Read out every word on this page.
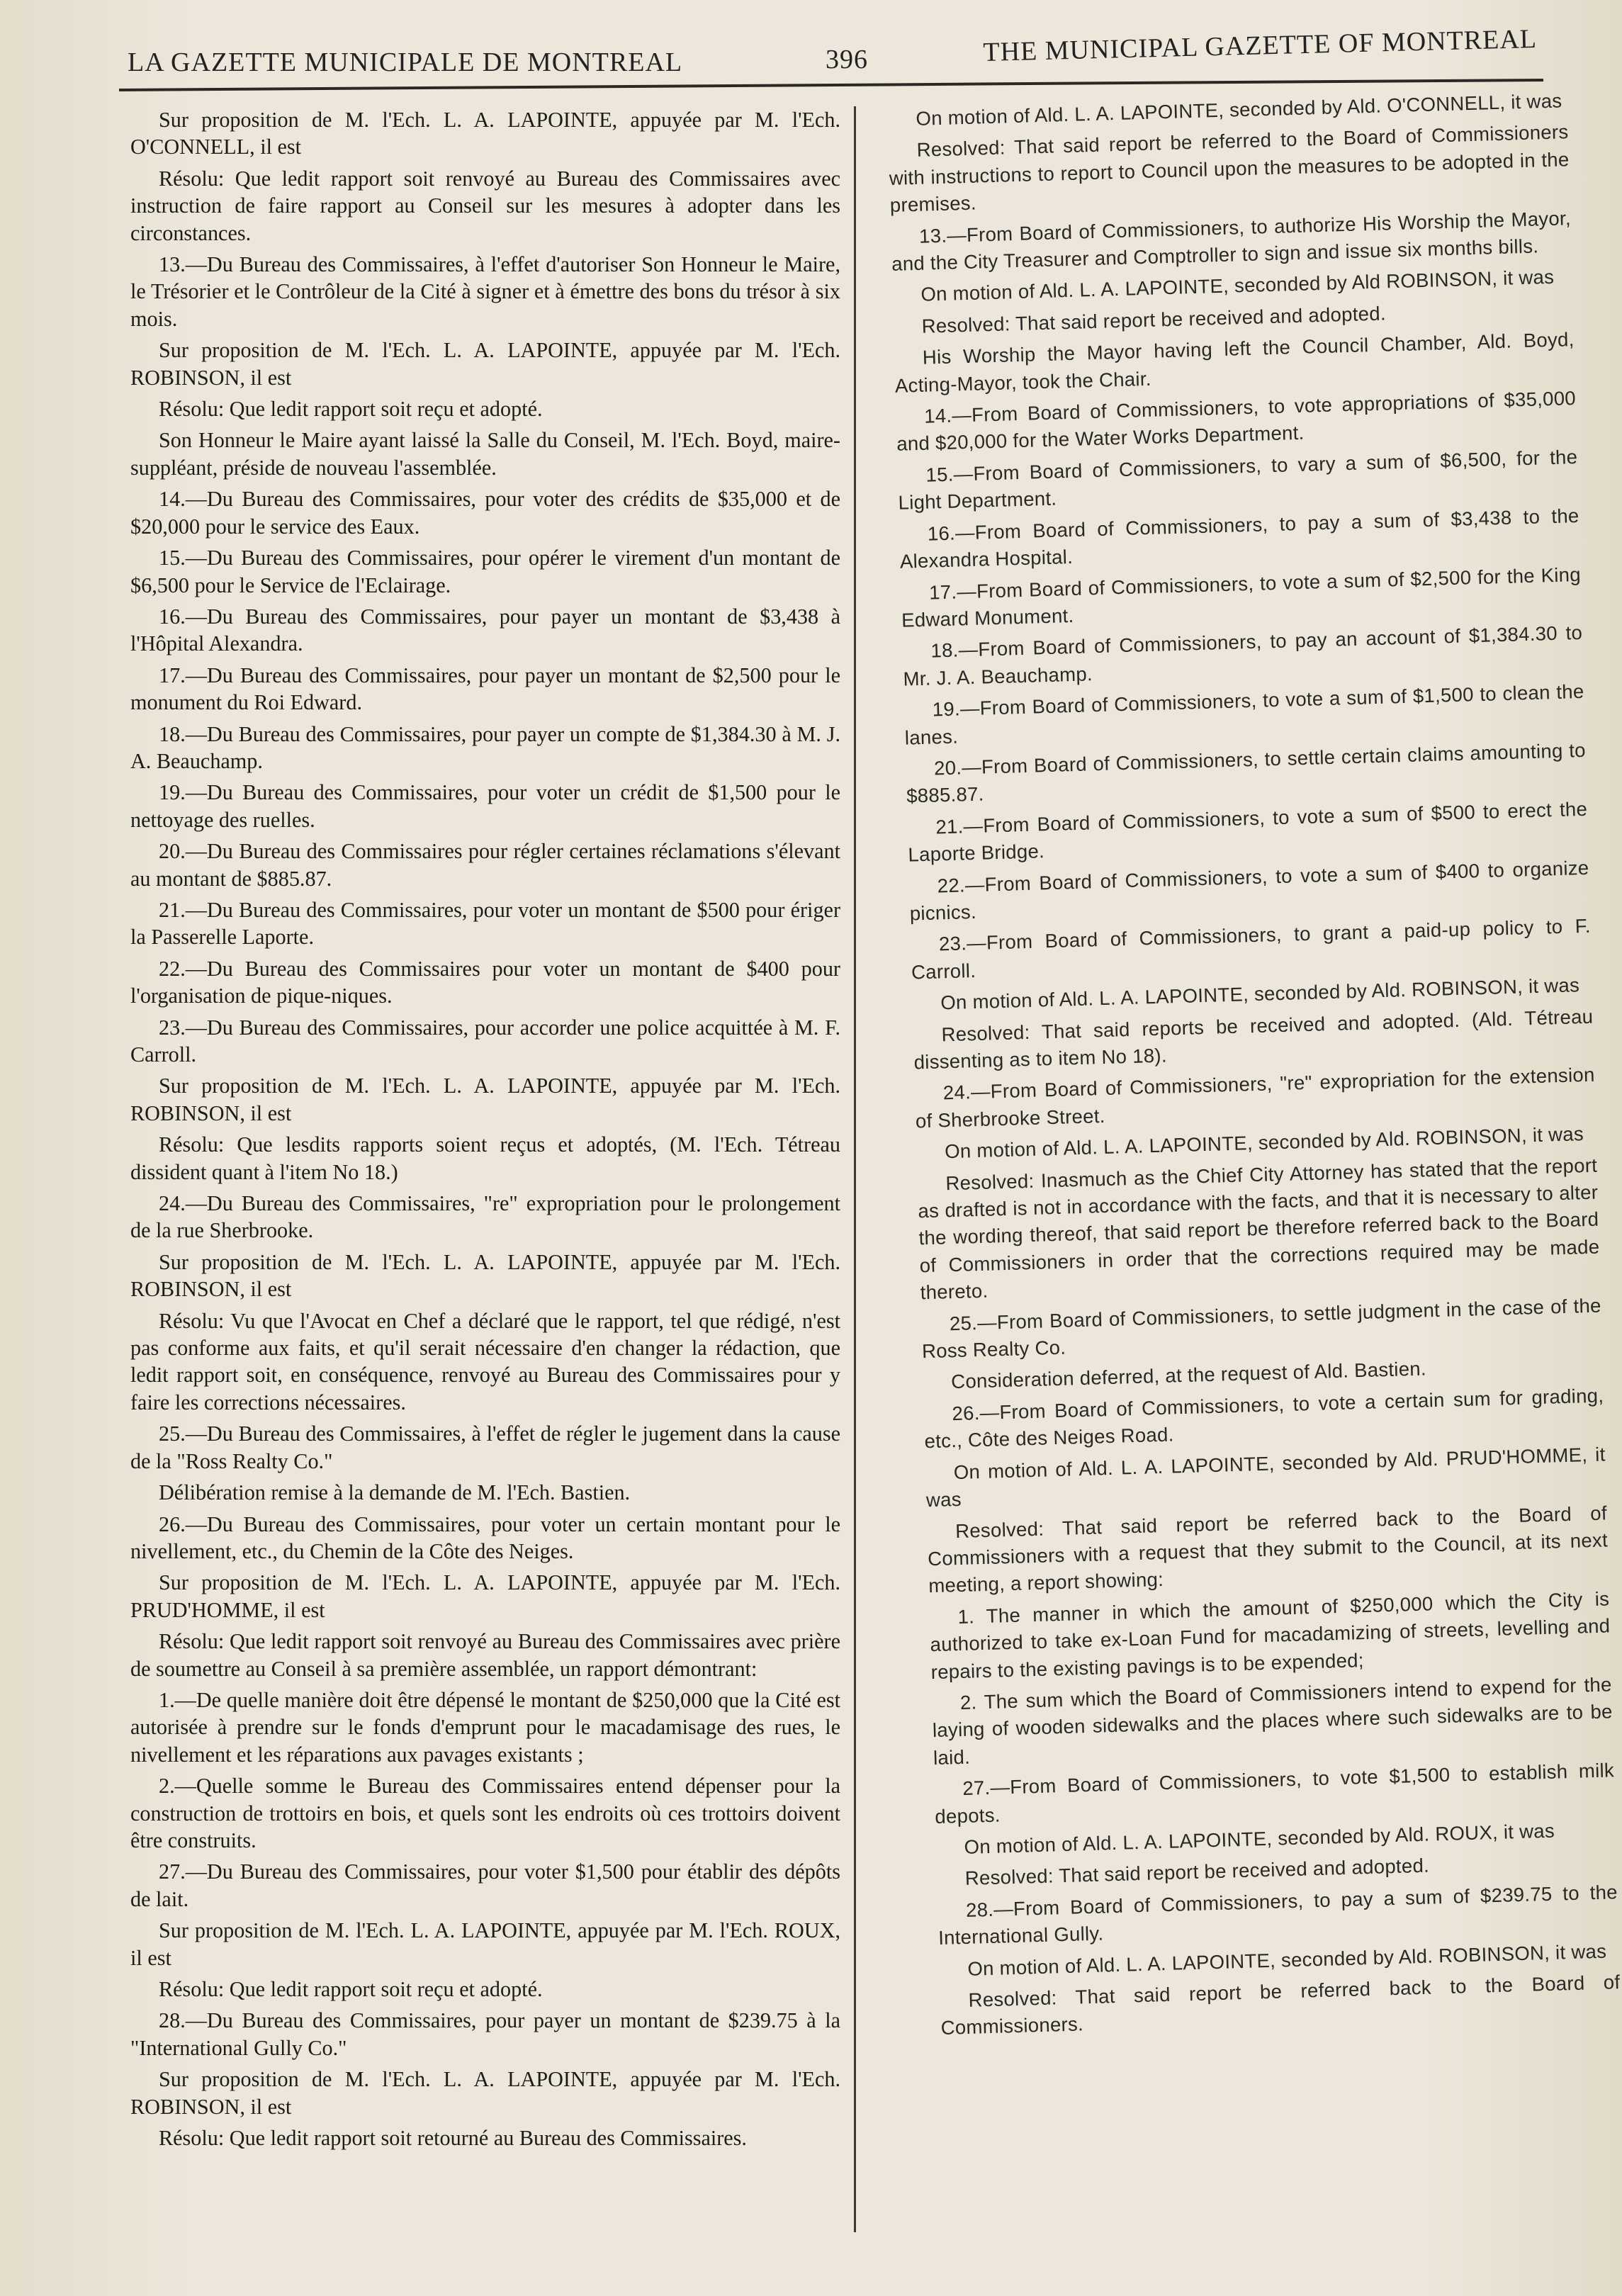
LA GAZETTE MUNICIPALE DE MONTREAL	396	THE MUNICIPAL GAZETTE OF MONTREAL

Sur proposition de M. l'Ech. L. A. LAPOINTE, appuyée par M. l'Ech. O'CONNELL, il est

Résolu: Que ledit rapport soit renvoyé au Bureau des Commissaires avec instruction de faire rapport au Conseil sur les mesures à adopter dans les circonstances.

13.—Du Bureau des Commissaires, à l'effet d'autoriser Son Honneur le Maire, le Trésorier et le Contrôleur de la Cité à signer et à émettre des bons du trésor à six mois.

Sur proposition de M. l'Ech. L. A. LAPOINTE, appuyée par M. l'Ech. ROBINSON, il est

Résolu: Que ledit rapport soit reçu et adopté.

Son Honneur le Maire ayant laissé la Salle du Conseil, M. l'Ech. Boyd, maire-suppléant, préside de nouveau l'assemblée.

14.—Du Bureau des Commissaires, pour voter des crédits de $35,000 et de $20,000 pour le service des Eaux.

15.—Du Bureau des Commissaires, pour opérer le virement d'un montant de $6,500 pour le Service de l'Eclairage.

16.—Du Bureau des Commissaires, pour payer un montant de $3,438 à l'Hôpital Alexandra.

17.—Du Bureau des Commissaires, pour payer un montant de $2,500 pour le monument du Roi Edward.

18.—Du Bureau des Commissaires, pour payer un compte de $1,384.30 à M. J. A. Beauchamp.

19.—Du Bureau des Commissaires, pour voter un crédit de $1,500 pour le nettoyage des ruelles.

20.—Du Bureau des Commissaires pour régler certaines réclamations s'élevant au montant de $885.87.

21.—Du Bureau des Commissaires, pour voter un montant de $500 pour ériger la Passerelle Laporte.

22.—Du Bureau des Commissaires pour voter un montant de $400 pour l'organisation de pique-niques.

23.—Du Bureau des Commissaires, pour accorder une police acquittée à M. F. Carroll.

Sur proposition de M. l'Ech. L. A. LAPOINTE, appuyée par M. l'Ech. ROBINSON, il est

Résolu: Que lesdits rapports soient reçus et adoptés, (M. l'Ech. Tétreau dissident quant à l'item No 18.)

24.—Du Bureau des Commissaires, "re" expropriation pour le prolongement de la rue Sherbrooke.

Sur proposition de M. l'Ech. L. A. LAPOINTE, appuyée par M. l'Ech. ROBINSON, il est

Résolu: Vu que l'Avocat en Chef a déclaré que le rapport, tel que rédigé, n'est pas conforme aux faits, et qu'il serait nécessaire d'en changer la rédaction, que ledit rapport soit, en conséquence, renvoyé au Bureau des Commissaires pour y faire les corrections nécessaires.

25.—Du Bureau des Commissaires, à l'effet de régler le jugement dans la cause de la "Ross Realty Co."

Délibération remise à la demande de M. l'Ech. Bastien.

26.—Du Bureau des Commissaires, pour voter un certain montant pour le nivellement, etc., du Chemin de la Côte des Neiges.

Sur proposition de M. l'Ech. L. A. LAPOINTE, appuyée par M. l'Ech. PRUD'HOMME, il est

Résolu: Que ledit rapport soit renvoyé au Bureau des Commissaires avec prière de soumettre au Conseil à sa première assemblée, un rapport démontrant:

1.—De quelle manière doit être dépensé le montant de $250,000 que la Cité est autorisée à prendre sur le fonds d'emprunt pour le macadamisage des rues, le nivellement et les réparations aux pavages existants ;

2.—Quelle somme le Bureau des Commissaires entend dépenser pour la construction de trottoirs en bois, et quels sont les endroits où ces trottoirs doivent être construits.

27.—Du Bureau des Commissaires, pour voter $1,500 pour établir des dépôts de lait.

Sur proposition de M. l'Ech. L. A. LAPOINTE, appuyée par M. l'Ech. ROUX, il est

Résolu: Que ledit rapport soit reçu et adopté.

28.—Du Bureau des Commissaires, pour payer un montant de $239.75 à la "International Gully Co."

Sur proposition de M. l'Ech. L. A. LAPOINTE, appuyée par M. l'Ech. ROBINSON, il est

Résolu: Que ledit rapport soit retourné au Bureau des Commissaires.

On motion of Ald. L. A. LAPOINTE, seconded by Ald. O'CONNELL, it was

Resolved: That said report be referred to the Board of Commissioners with instructions to report to Council upon the measures to be adopted in the premises.

13.—From Board of Commissioners, to authorize His Worship the Mayor, and the City Treasurer and Comptroller to sign and issue six months bills.

On motion of Ald. L. A. LAPOINTE, seconded by Ald ROBINSON, it was

Resolved: That said report be received and adopted.

His Worship the Mayor having left the Council Chamber, Ald. Boyd, Acting-Mayor, took the Chair.

14.—From Board of Commissioners, to vote appropriations of $35,000 and $20,000 for the Water Works Department.

15.—From Board of Commissioners, to vary a sum of $6,500, for the Light Department.

16.—From Board of Commissioners, to pay a sum of $3,438 to the Alexandra Hospital.

17.—From Board of Commissioners, to vote a sum of $2,500 for the King Edward Monument.

18.—From Board of Commissioners, to pay an account of $1,384.30 to Mr. J. A. Beauchamp.

19.—From Board of Commissioners, to vote a sum of $1,500 to clean the lanes.

20.—From Board of Commissioners, to settle certain claims amounting to $885.87.

21.—From Board of Commissioners, to vote a sum of $500 to erect the Laporte Bridge.

22.—From Board of Commissioners, to vote a sum of $400 to organize picnics.

23.—From Board of Commissioners, to grant a paid-up policy to F. Carroll.

On motion of Ald. L. A. LAPOINTE, seconded by Ald. ROBINSON, it was

Resolved: That said reports be received and adopted. (Ald. Tétreau dissenting as to item No 18).

24.—From Board of Commissioners, "re" expropriation for the extension of Sherbrooke Street.

On motion of Ald. L. A. LAPOINTE, seconded by Ald. ROBINSON, it was

Resolved: Inasmuch as the Chief City Attorney has stated that the report as drafted is not in accordance with the facts, and that it is necessary to alter the wording thereof, that said report be therefore referred back to the Board of Commissioners in order that the corrections required may be made thereto.

25.—From Board of Commissioners, to settle judgment in the case of the Ross Realty Co.

Consideration deferred, at the request of Ald. Bastien.

26.—From Board of Commissioners, to vote a certain sum for grading, etc., Côte des Neiges Road.

On motion of Ald. L. A. LAPOINTE, seconded by Ald. PRUD'HOMME, it was

Resolved: That said report be referred back to the Board of Commissioners with a request that they submit to the Council, at its next meeting, a report showing:

1. The manner in which the amount of $250,000 which the City is authorized to take ex-Loan Fund for macadamizing of streets, levelling and repairs to the existing pavings is to be expended;

2. The sum which the Board of Commissioners intend to expend for the laying of wooden sidewalks and the places where such sidewalks are to be laid.

27.—From Board of Commissioners, to vote $1,500 to establish milk depots.

On motion of Ald. L. A. LAPOINTE, seconded by Ald. ROUX, it was

Resolved: That said report be received and adopted.

28.—From Board of Commissioners, to pay a sum of $239.75 to the International Gully.

On motion of Ald. L. A. LAPOINTE, seconded by Ald. ROBINSON, it was

Resolved: That said report be referred back to the Board of Commissioners.
